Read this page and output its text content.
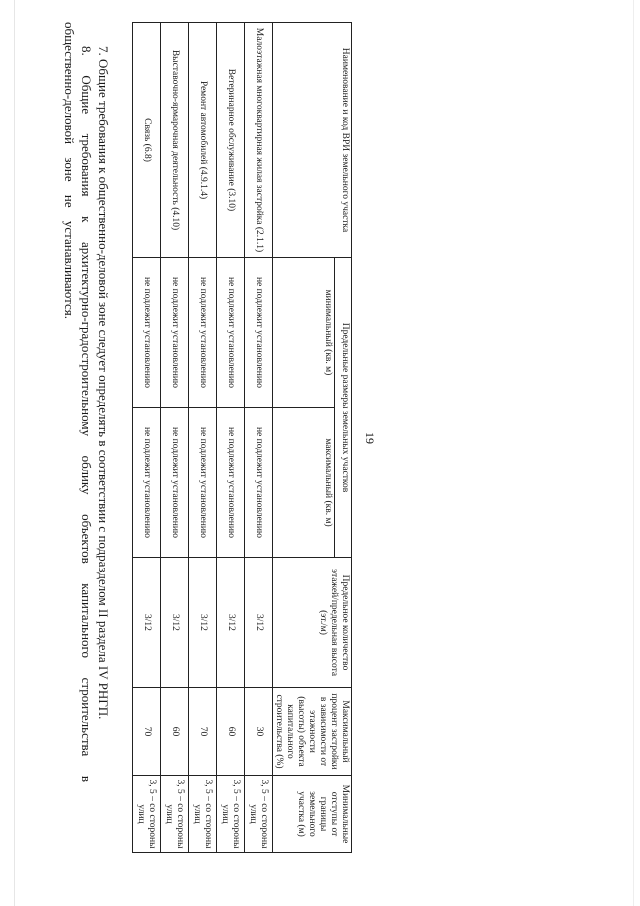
19
Наименование и код ВРИ земельного участка	Предельные размеры земельных участков		Предельное количество этажей/предельная высота (эт./м)	Максимальный процент застройки в зависимости от этажности (высоты) объекта капитального строительства (%)	Минимальные отступы от границы земельного участка (м)
	минимальный (кв. м)	максимальный (кв. м)			
Малоэтажная многоквартирная жилая застройка (2.1.1)	не подлежит установлению	не подлежит установлению	3/12	30	3, 5 – со стороны улиц
Ветеринарное обслуживание (3.10)	не подлежит установлению	не подлежит установлению	3/12	60	3, 5 – со стороны улиц
Ремонт автомобилей (4.9.1.4)	не подлежит установлению	не подлежит установлению	3/12	70	3, 5 – со стороны улиц
Выставочно-ярмарочная деятельность (4.10)	не подлежит установлению	не подлежит установлению	3/12	60	3, 5 – со стороны улиц
Связь (6.8)	не подлежит установлению	не подлежит установлению	3/12	70	3, 5 – со стороны улиц

7. Общие требования к общественно-деловой зоне следует определять в соответствии с подразделом II раздела IV РНГП.

8. Общие требования к архитектурно-градостроительному облику объектов капитального строительства в общественно-деловой зоне не устанавливаются.
